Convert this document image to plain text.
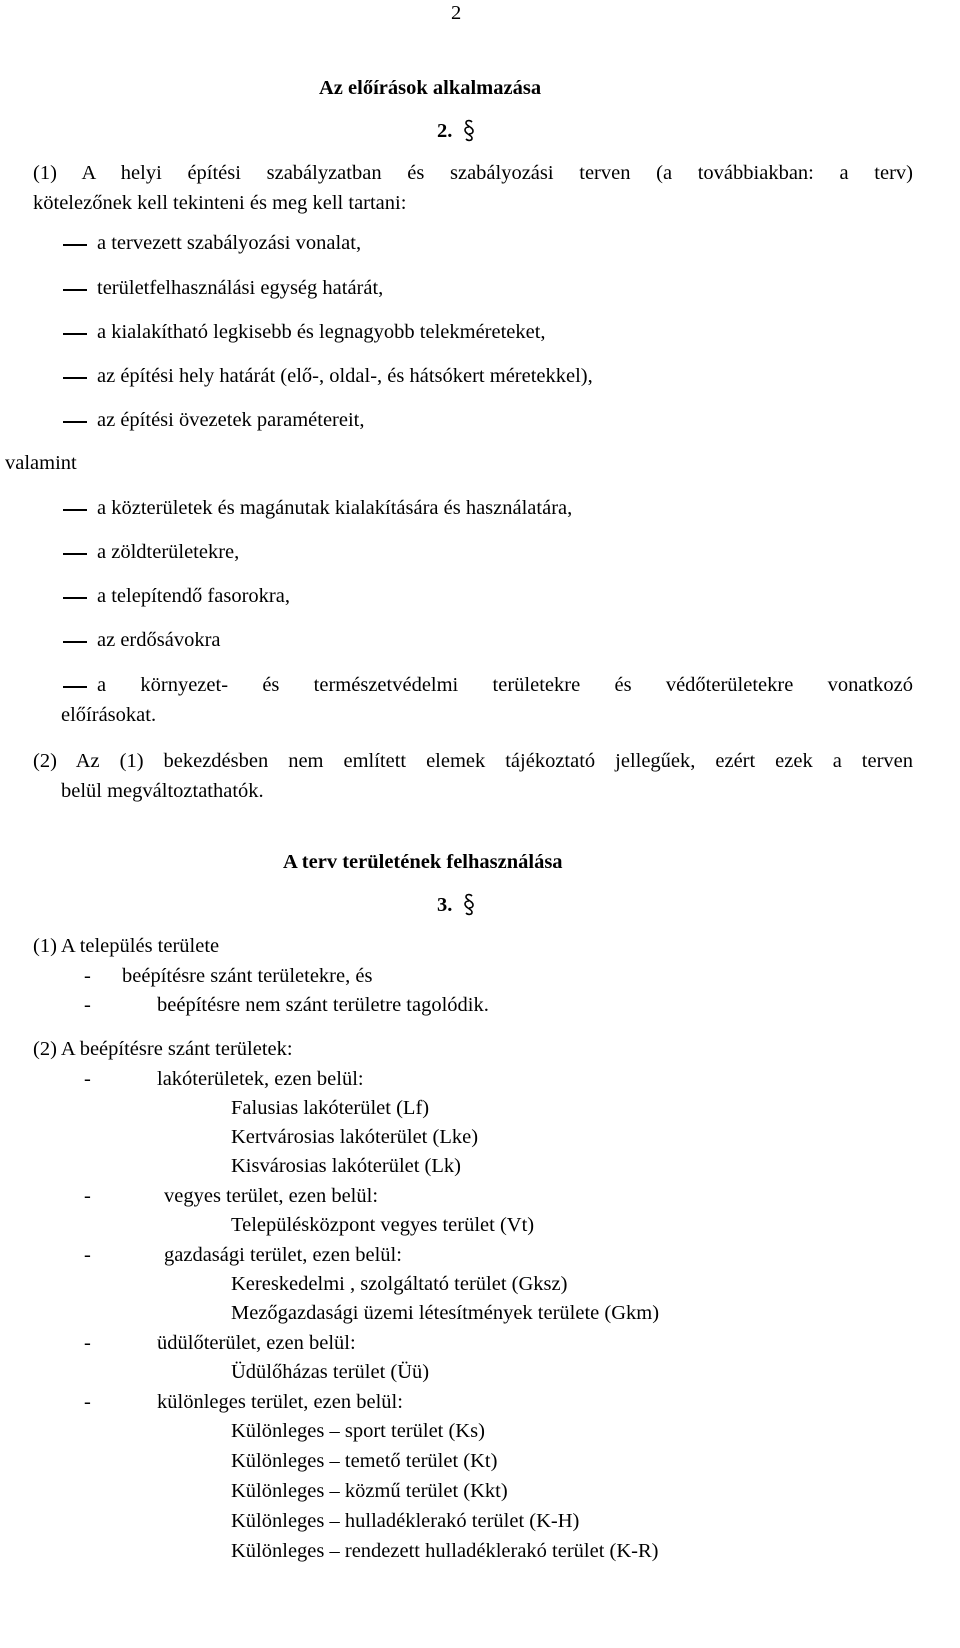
2
Az előírások alkalmazása
2.
(1) A helyi építési szabályzatban és szabályozási terven (a továbbiakban: a terv)
kötelezőnek kell tekinteni és meg kell tartani:
a tervezett szabályozási vonalat,
területfelhasználási egység határát,
a kialakítható legkisebb és legnagyobb telekméreteket,
az építési hely határát (elő-, oldal-, és hátsókert méretekkel),
az építési övezetek paramétereit,
valamint
a közterületek és magánutak kialakítására és használatára,
a zöldterületekre,
a telepítendő fasorokra,
az erdősávokra
a környezet- és természetvédelmi területekre és védőterületekre vonatkozó
előírásokat.
(2) Az (1) bekezdésben nem említett elemek tájékoztató jellegűek, ezért ezek a terven
belül megváltoztathatók.
A terv területének felhasználása
3.
(1) A település területe
- beépítésre szánt területekre, és
-	beépítésre nem szánt területre tagolódik.
(2) A beépítésre szánt területek:
-	lakóterületek, ezen belül:
Falusias lakóterület (Lf)
Kertvárosias lakóterület (Lke)
Kisvárosias lakóterület (Lk)
-	vegyes terület, ezen belül:
Településközpont vegyes terület (Vt)
-	gazdasági terület, ezen belül:
Kereskedelmi , szolgáltató terület (Gksz)
Mezőgazdasági üzemi létesítmények területe (Gkm)
-	üdülőterület, ezen belül:
Üdülőházas terület (Üü)
-	különleges terület, ezen belül:
Különleges – sport terület (Ks)
Különleges – temető terület (Kt)
Különleges – közmű terület (Kkt)
Különleges – hulladéklerakó terület (K-H)
Különleges – rendezett hulladéklerakó terület (K-R)
